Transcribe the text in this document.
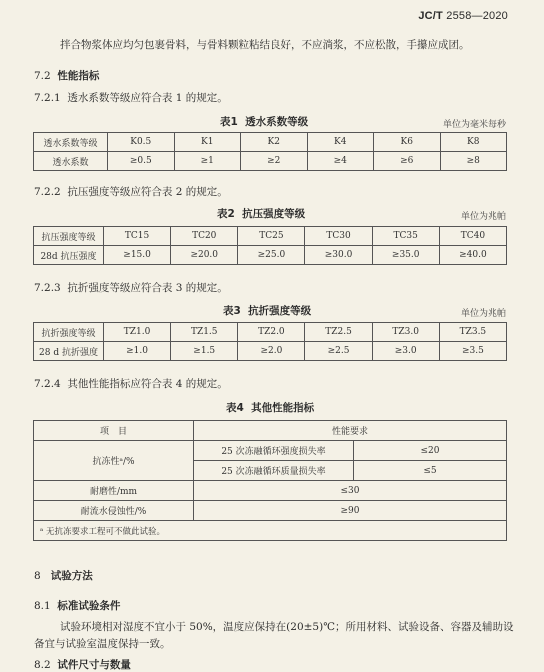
JC/T 2558—2020
拌合物浆体应均匀包裹骨料，与骨料颗粒粘结良好，不应淌浆，不应松散，手攥应成团。
7.2 性能指标
7.2.1 透水系数等级应符合表 1 的规定。
表1 透水系数等级	单位为毫米每秒
透水系数等级	K0.5	K1	K2	K4	K6	K8
透水系数	≥0.5	≥1	≥2	≥4	≥6	≥8
7.2.2 抗压强度等级应符合表 2 的规定。
表2 抗压强度等级	单位为兆帕
抗压强度等级	TC15	TC20	TC25	TC30	TC35	TC40
28d 抗压强度	≥15.0	≥20.0	≥25.0	≥30.0	≥35.0	≥40.0
7.2.3 抗折强度等级应符合表 3 的规定。
表3 抗折强度等级	单位为兆帕
抗折强度等级	TZ1.0	TZ1.5	TZ2.0	TZ2.5	TZ3.0	TZ3.5
28 d 抗折强度	≥1.0	≥1.5	≥2.0	≥2.5	≥3.0	≥3.5
7.2.4 其他性能指标应符合表 4 的规定。
表4 其他性能指标
项　目	性能要求	
抗冻性ᵃ/%	25 次冻融循环强度损失率	≤20
	25 次冻融循环质量损失率	≤5
耐磨性/mm	≤30	
耐流水侵蚀性/%	≥90	
ᵃ 无抗冻要求工程可不做此试验。		
8 试验方法
8.1 标准试验条件
试验环境相对湿度不宜小于 50%，温度应保持在(20±5)℃；所用材料、试验设备、容器及辅助设
备宜与试验室温度保持一致。
8.2 试件尺寸与数量
